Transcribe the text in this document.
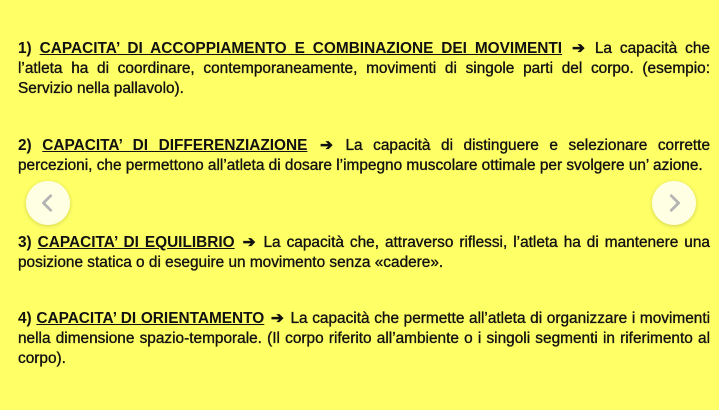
1) CAPACITA’ DI ACCOPPIAMENTO E COMBINAZIONE DEI MOVIMENTI ➔ La capacità che l’atleta ha di coordinare, contemporaneamente, movimenti di singole parti del corpo. (esempio: Servizio nella pallavolo).
2) CAPACITA’ DI DIFFERENZIAZIONE ➔ La capacità di distinguere e selezionare corrette percezioni, che permettono all’atleta di dosare l’impegno muscolare ottimale per svolgere un’ azione.
3) CAPACITA’ DI EQUILIBRIO ➔ La capacità che, attraverso riflessi, l’atleta ha di mantenere una posizione statica o di eseguire un movimento senza «cadere».
4) CAPACITA’ DI ORIENTAMENTO ➔ La capacità che permette all’atleta di organizzare i movimenti nella dimensione spazio-temporale. (Il corpo riferito all’ambiente o i singoli segmenti in riferimento al corpo).
